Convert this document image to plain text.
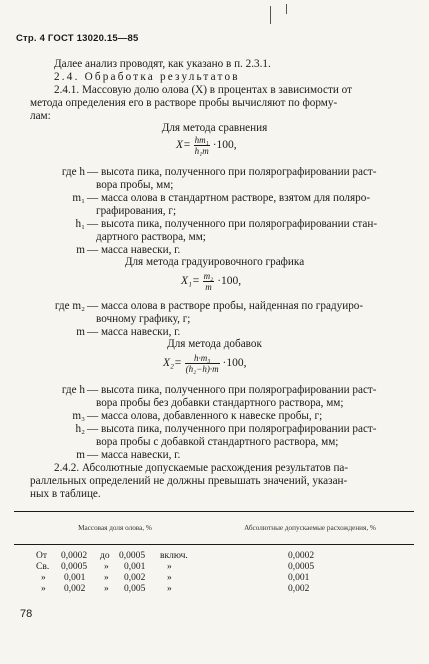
Стр. 4 ГОСТ 13020.15—85
Далее анализ проводят, как указано в п. 2.3.1.
2.4. Обработка результатов
2.4.1. Массовую долю олова (X) в процентах в зависимости от
метода определения его в растворе пробы вычисляют по форму-
лам:
Для метода сравнения
$X= \frac{\text{hm₁}}{\text{h₁m}} \cdot 100$,
где h — высота пика, полученного при полярографировании раст-
вора пробы, мм;
m₁ — масса олова в стандартном растворе, взятом для поляро-
графирования, г;
h₁ — высота пика, полученного при полярографировании стан-
дартного раствора, мм;
m — масса навески, г.
Для метода градуировочного графика
$X_1= \frac{\text{m₂}}{m} \cdot 100$,
где m₂ — масса олова в растворе пробы, найденная по градуиро-
вочному графику, г;
m — масса навески, г.
Для метода добавок
$X_2= \frac{\text{h·m₃}}{\text{(h₂−h)·m}} \cdot 100$,
где h — высота пика, полученного при полярографировании раст-
вора пробы без добавки стандартного раствора, мм;
m₃ — масса олова, добавленного к навеске пробы, г;
h₂ — высота пика, полученного при полярографировании раст-
вора пробы с добавкой стандартного раствора, мм;
m — масса навески, г.
2.4.2. Абсолютные допускаемые расхождения результатов па-
раллельных определений не должны превышать значений, указан-
ных в таблице.
Массовая доля олова, %	Абсолютные допускаемые расхождения, %
От 0,0002 до 0,0005 включ.	0,0002
Св. 0,0005 » 0,001 »	0,0005
» 0,001 » 0,002 »	0,001
» 0,002 » 0,005 »	0,002
78
